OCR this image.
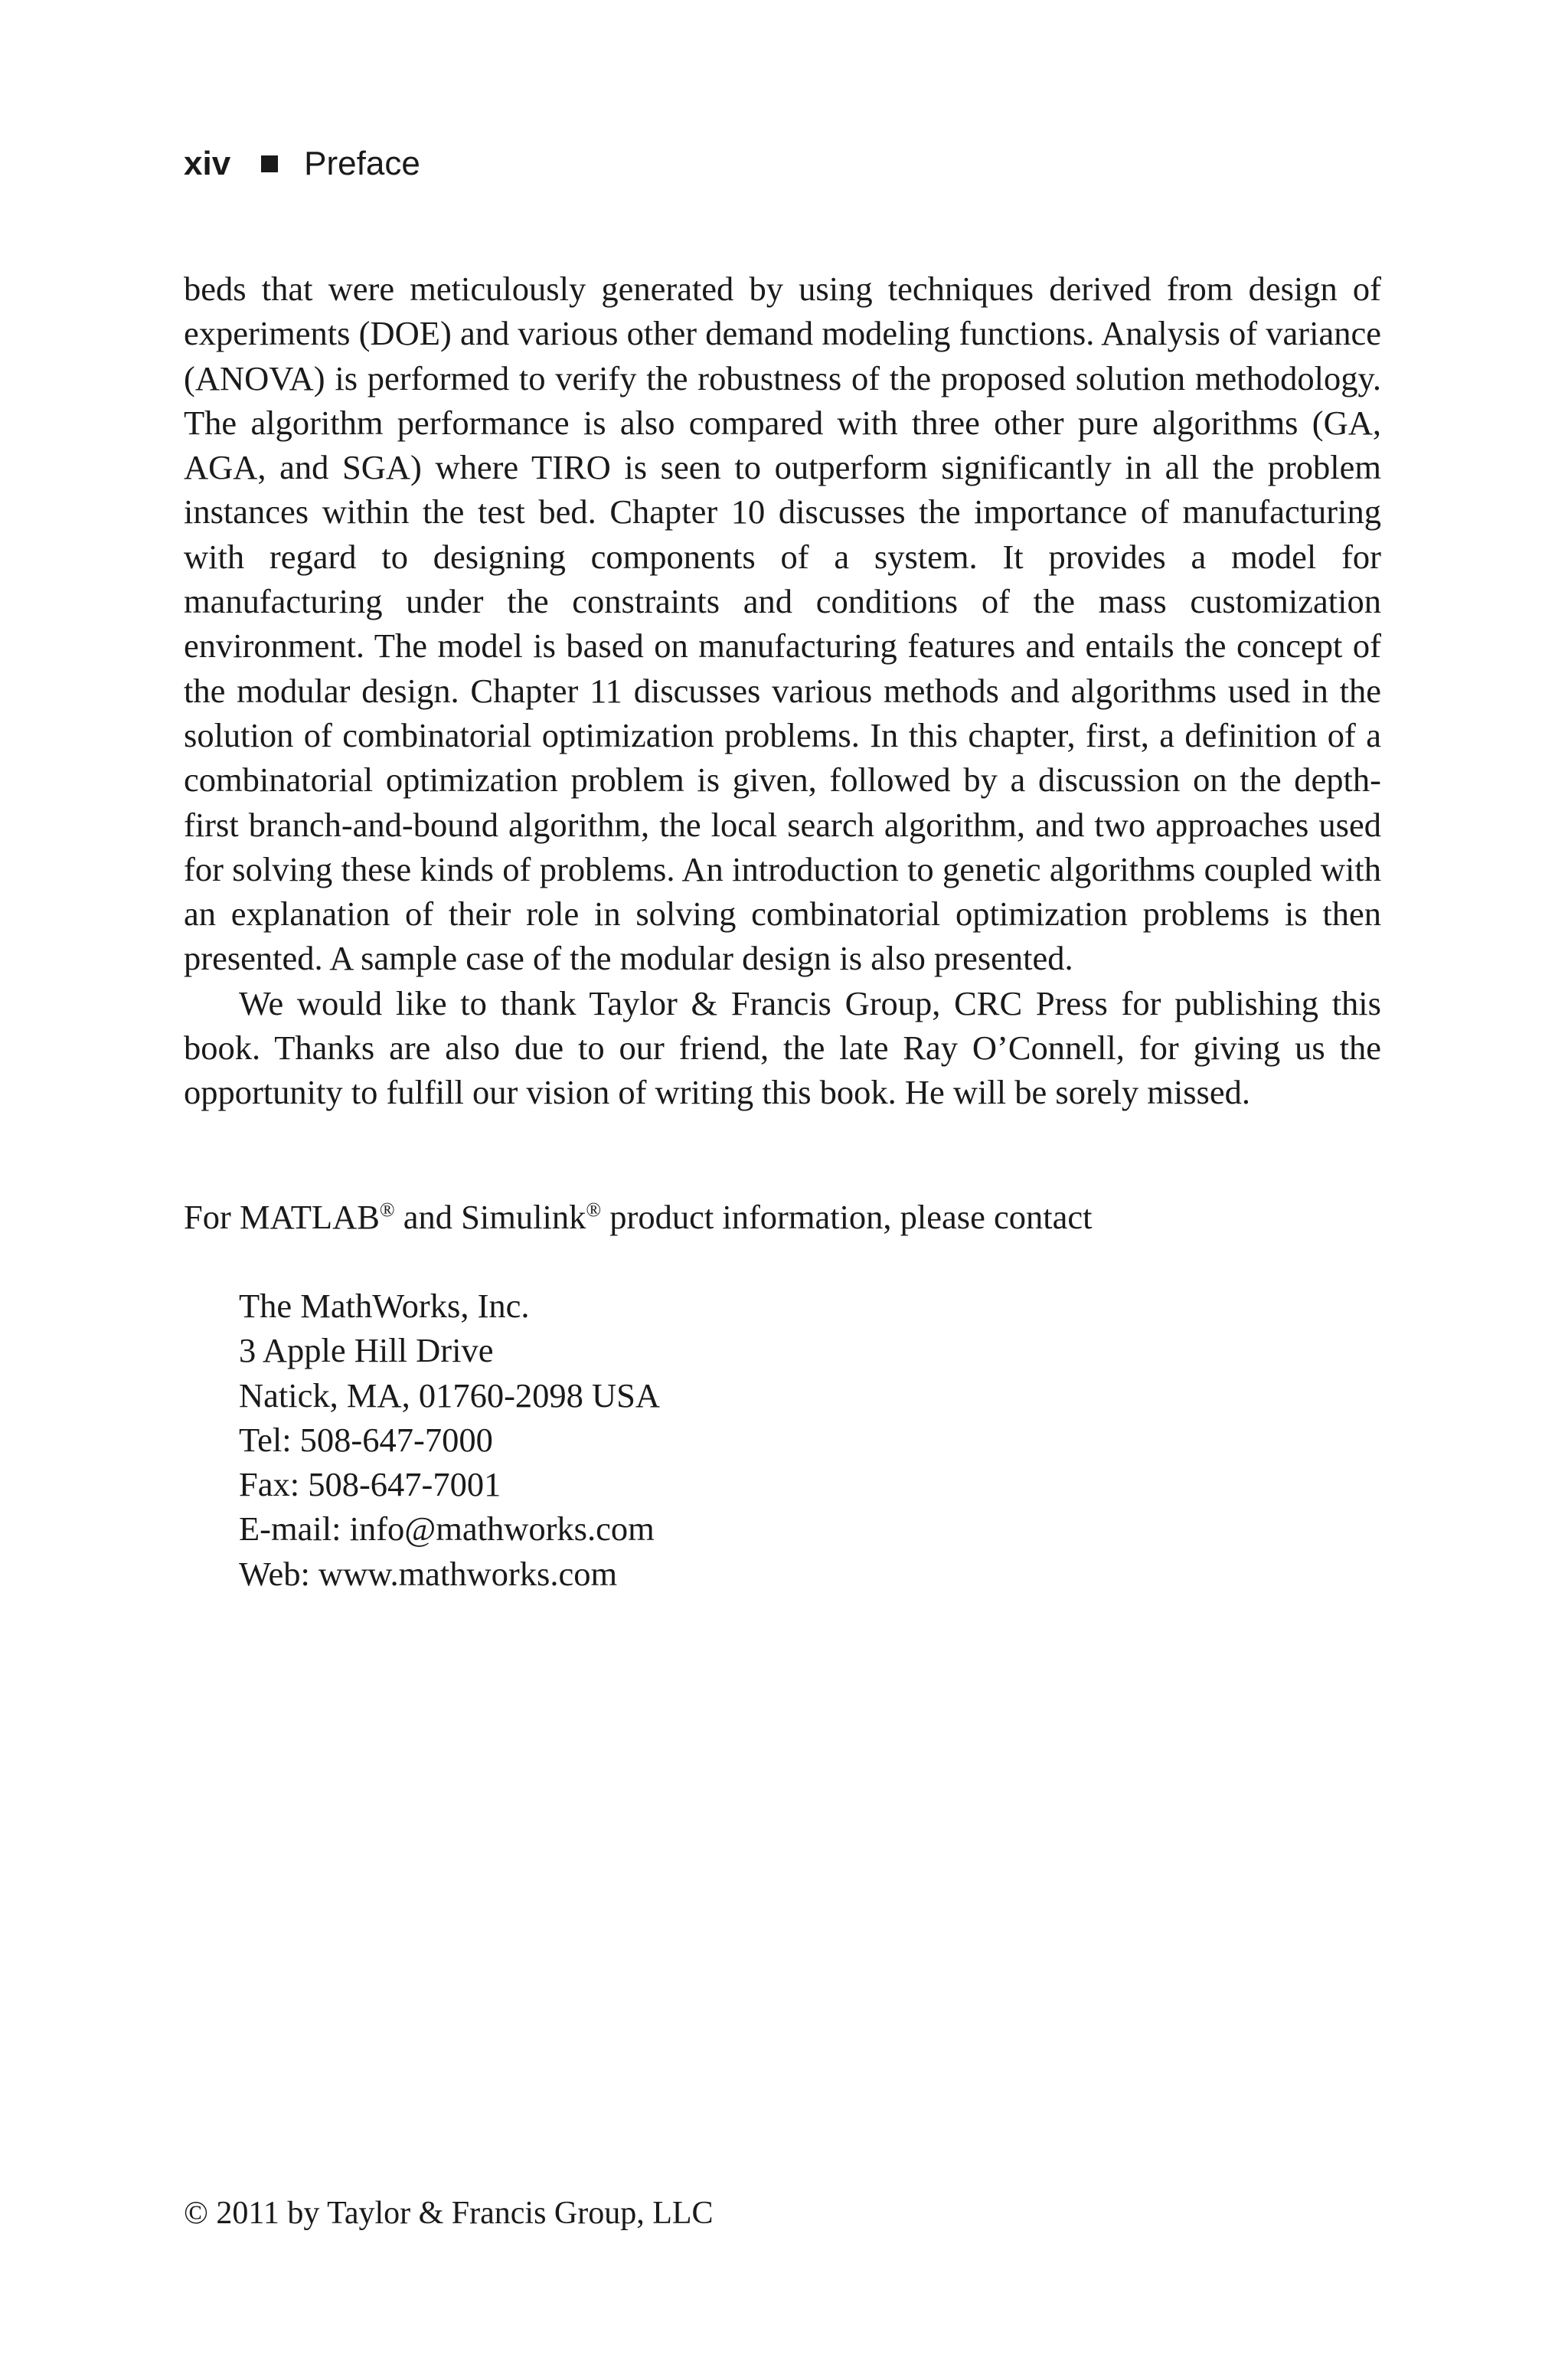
xiv Preface

beds that were meticulously generated by using techniques derived from design of experiments (DOE) and various other demand modeling functions. Analysis of variance (ANOVA) is performed to verify the robustness of the proposed solution methodology. The algorithm performance is also compared with three other pure algorithms (GA, AGA, and SGA) where TIRO is seen to outperform significantly in all the problem instances within the test bed. Chapter 10 discusses the importance of manufacturing with regard to designing components of a system. It provides a model for manufacturing under the constraints and conditions of the mass customization environment. The model is based on manufacturing features and entails the concept of the modular design. Chapter 11 discusses various methods and algorithms used in the solution of combinatorial optimization problems. In this chapter, first, a definition of a combinatorial optimization problem is given, followed by a discussion on the depth-first branch-and-bound algorithm, the local search algorithm, and two approaches used for solving these kinds of problems. An introduction to genetic algorithms coupled with an explanation of their role in solving combinatorial optimization problems is then presented. A sample case of the modular design is also presented.

We would like to thank Taylor & Francis Group, CRC Press for publishing this book. Thanks are also due to our friend, the late Ray O’Connell, for giving us the opportunity to fulfill our vision of writing this book. He will be sorely missed.

For MATLAB® and Simulink® product information, please contact
The MathWorks, Inc.
3 Apple Hill Drive
Natick, MA, 01760-2098 USA
Tel: 508-647-7000
Fax: 508-647-7001
E-mail: info@mathworks.com
Web: www.mathworks.com
© 2011 by Taylor & Francis Group, LLC
